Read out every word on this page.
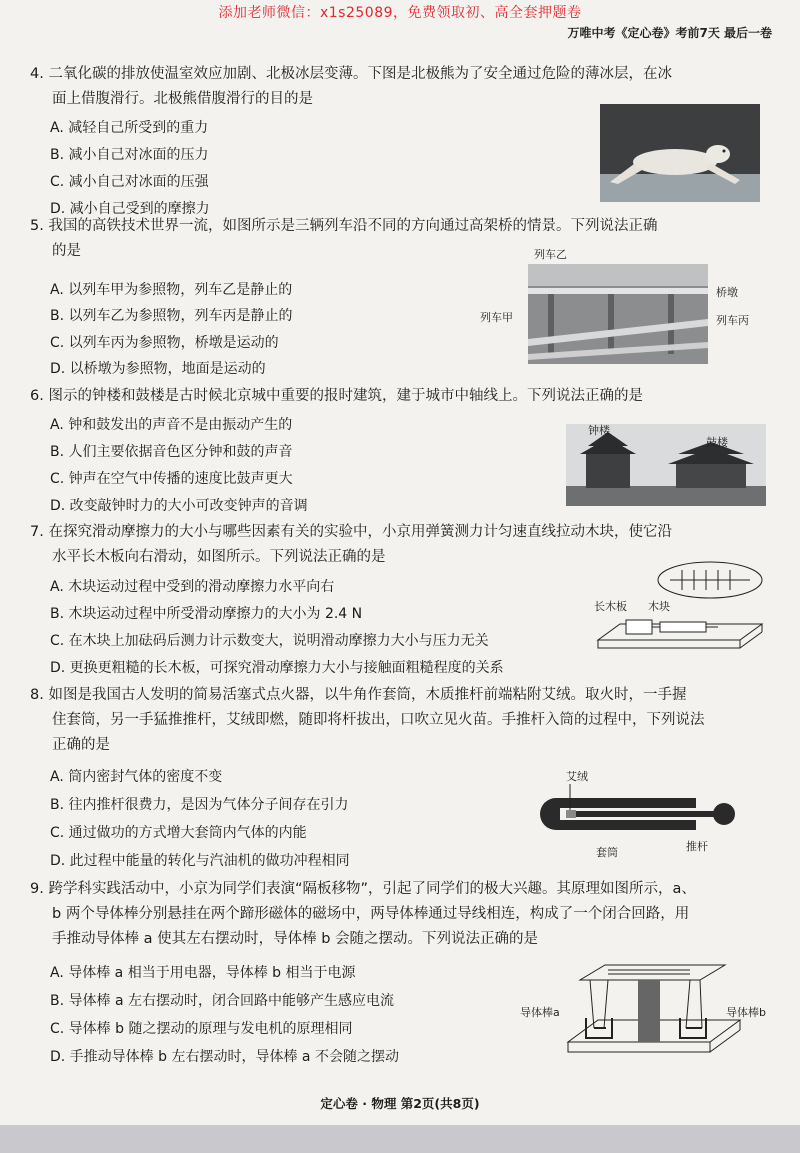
添加老师微信：x1s25089，免费领取初、高全套押题卷
万唯中考《定心卷》考前7天 最后一卷

4. 二氧化碳的排放使温室效应加剧、北极冰层变薄。下图是北极熊为了安全通过危险的薄冰层，在冰

面上借腹滑行。北极熊借腹滑行的目的是

A. 减轻自己所受到的重力
B. 减小自己对冰面的压力
C. 减小自己对冰面的压强
D. 减小自己受到的摩擦力

5. 我国的高铁技术世界一流，如图所示是三辆列车沿不同的方向通过高架桥的情景。下列说法正确

的是

A. 以列车甲为参照物，列车乙是静止的
B. 以列车乙为参照物，列车丙是静止的
C. 以列车丙为参照物，桥墩是运动的
D. 以桥墩为参照物，地面是运动的
列车乙
列车甲
桥墩
列车丙

6. 图示的钟楼和鼓楼是古时候北京城中重要的报时建筑，建于城市中轴线上。下列说法正确的是

A. 钟和鼓发出的声音不是由振动产生的
B. 人们主要依据音色区分钟和鼓的声音
C. 钟声在空气中传播的速度比鼓声更大
D. 改变敲钟时力的大小可改变钟声的音调
钟楼
鼓楼

7. 在探究滑动摩擦力的大小与哪些因素有关的实验中，小京用弹簧测力计匀速直线拉动木块，使它沿

水平长木板向右滑动，如图所示。下列说法正确的是

A. 木块运动过程中受到的滑动摩擦力水平向右
B. 木块运动过程中所受滑动摩擦力的大小为 2.4 N
C. 在木块上加砝码后测力计示数变大，说明滑动摩擦力大小与压力无关
D. 更换更粗糙的长木板，可探究滑动摩擦力大小与接触面粗糙程度的关系
长木板 木块

8. 如图是我国古人发明的简易活塞式点火器，以牛角作套筒，木质推杆前端粘附艾绒。取火时，一手握

住套筒，另一手猛推推杆，艾绒即燃，随即将杆拔出，口吹立见火苗。手推杆入筒的过程中，下列说法

正确的是

A. 筒内密封气体的密度不变
B. 往内推杆很费力，是因为气体分子间存在引力
C. 通过做功的方式增大套筒内气体的内能
D. 此过程中能量的转化与汽油机的做功冲程相同
艾绒
推杆
套筒

9. 跨学科实践活动中，小京为同学们表演“隔板移物”，引起了同学们的极大兴趣。其原理如图所示，a、

b 两个导体棒分别悬挂在两个蹄形磁体的磁场中，两导体棒通过导线相连，构成了一个闭合回路，用

手推动导体棒 a 使其左右摆动时，导体棒 b 会随之摆动。下列说法正确的是

A. 导体棒 a 相当于用电器，导体棒 b 相当于电源
B. 导体棒 a 左右摆动时，闭合回路中能够产生感应电流
C. 导体棒 b 随之摆动的原理与发电机的原理相同
D. 手推动导体棒 b 左右摆动时，导体棒 a 不会随之摆动
导体棒a	导体棒b
定心卷 · 物理 第2页(共8页)
